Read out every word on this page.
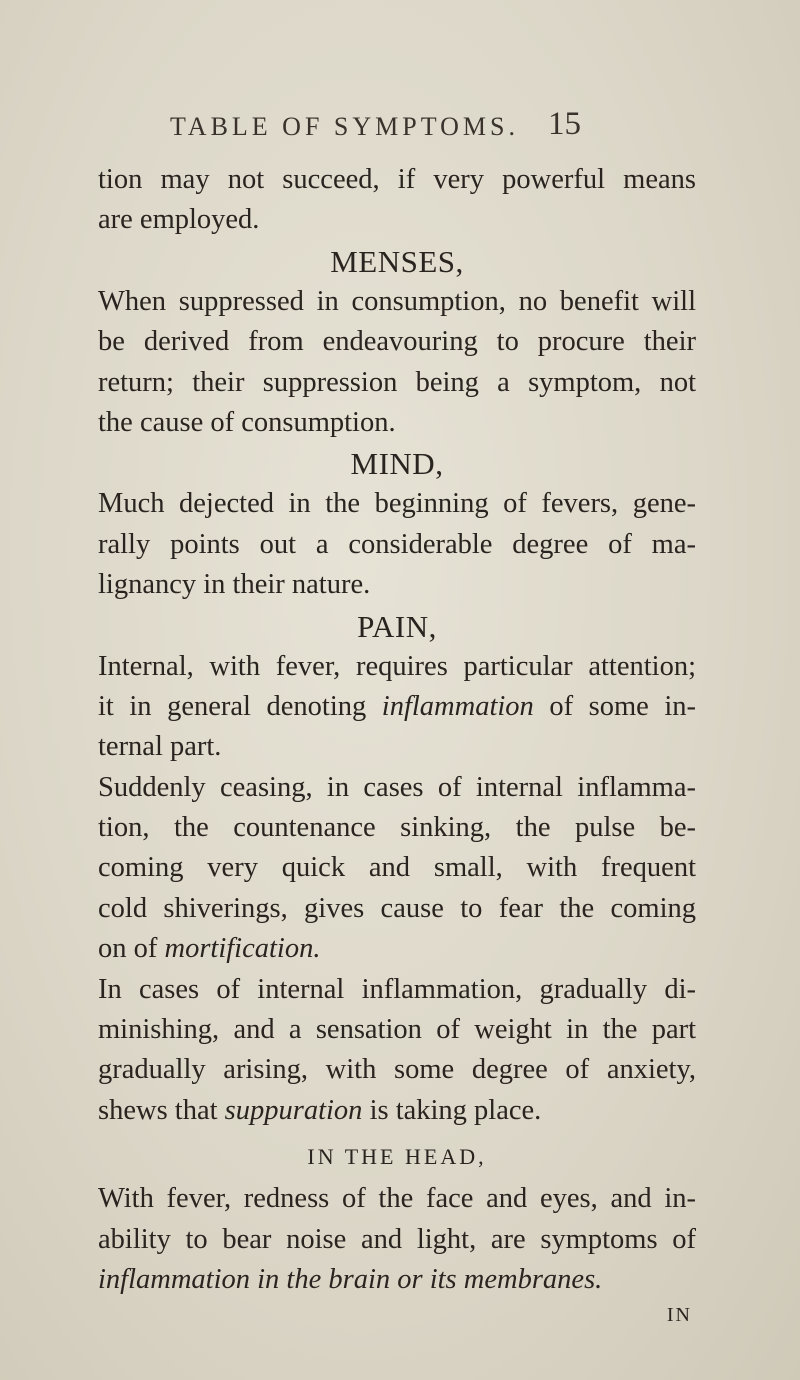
TABLE OF SYMPTOMS. 15
tion may not succeed, if very powerful means
are employed.
MENSES,
When suppressed in consumption, no benefit will
be derived from endeavouring to procure their
return; their suppression being a symptom, not
the cause of consumption.
MIND,
Much dejected in the beginning of fevers, gene-
rally points out a considerable degree of ma-
lignancy in their nature.
PAIN,
Internal, with fever, requires particular attention;
it in general denoting inflammation of some in-
ternal part.
Suddenly ceasing, in cases of internal inflamma-
tion, the countenance sinking, the pulse be-
coming very quick and small, with frequent
cold shiverings, gives cause to fear the coming
on of mortification.
In cases of internal inflammation, gradually di-
minishing, and a sensation of weight in the part
gradually arising, with some degree of anxiety,
shews that suppuration is taking place.
IN THE HEAD,
With fever, redness of the face and eyes, and in-
ability to bear noise and light, are symptoms of
inflammation in the brain or its membranes.
IN
